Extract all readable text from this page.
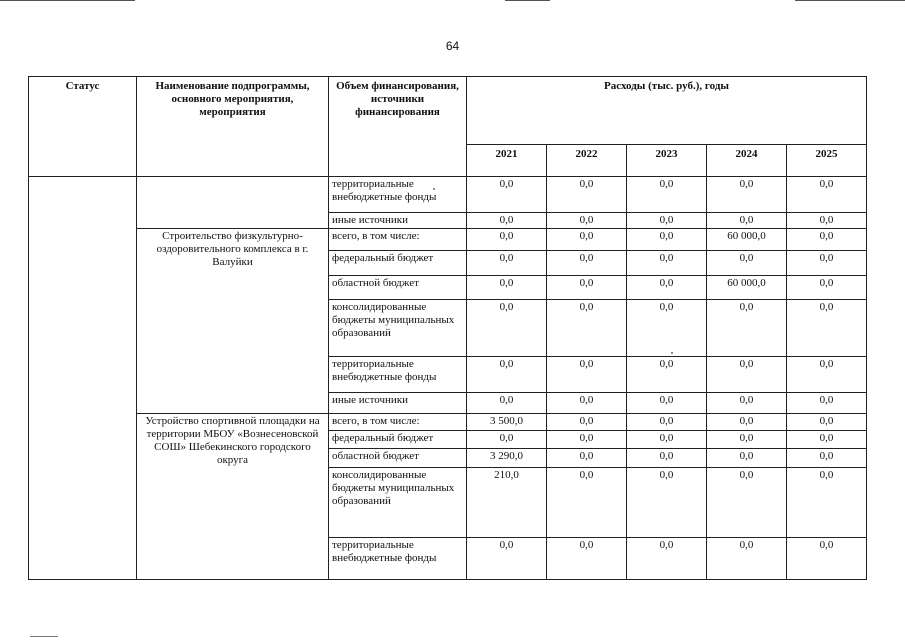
64
Статус	Наименование подпрограммы, основного мероприятия, мероприятия	Объем финансирования, источники финансирования	Расходы (тыс. руб.), годы				
			2021	2022	2023	2024	2025
		территориальные внебюджетные фонды	0,0	0,0	0,0	0,0	0,0
		иные источники	0,0	0,0	0,0	0,0	0,0
	Строительство физкультурно-оздоровительного комплекса в г. Валуйки	всего, в том числе:	0,0	0,0	0,0	60 000,0	0,0
		федеральный бюджет	0,0	0,0	0,0	0,0	0,0
		областной бюджет	0,0	0,0	0,0	60 000,0	0,0
		консолидированные бюджеты муниципальных образований	0,0	0,0	0,0	0,0	0,0
		территориальные внебюджетные фонды	0,0	0,0	0,0	0,0	0,0
		иные источники	0,0	0,0	0,0	0,0	0,0
	Устройство спортивной площадки на территории МБОУ «Вознесеновской СОШ» Шебекинского городского округа	всего, в том числе:	3 500,0	0,0	0,0	0,0	0,0
		федеральный бюджет	0,0	0,0	0,0	0,0	0,0
		областной бюджет	3 290,0	0,0	0,0	0,0	0,0
		консолидированные бюджеты муниципальных образований	210,0	0,0	0,0	0,0	0,0
		территориальные внебюджетные фонды	0,0	0,0	0,0	0,0	0,0
